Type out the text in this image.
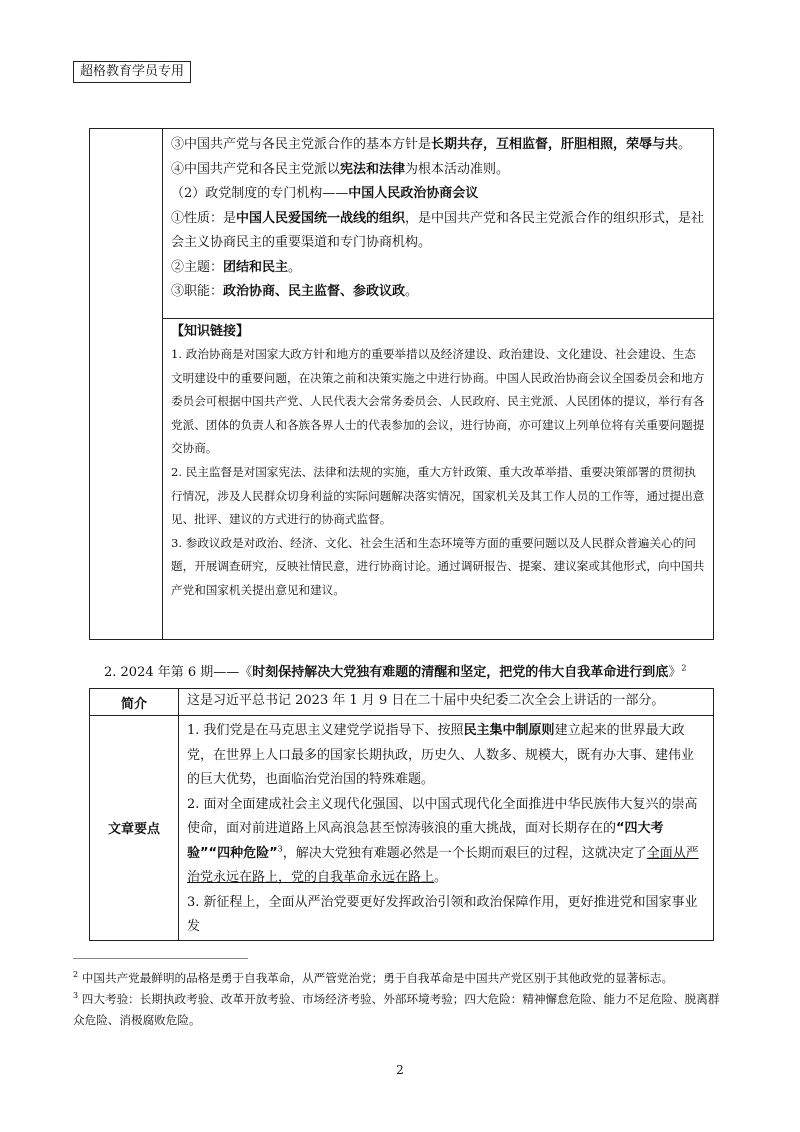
超格教育学员专用

③中国共产党与各民主党派合作的基本方针是长期共存，互相监督，肝胆相照，荣辱与共。

④中国共产党和各民主党派以宪法和法律为根本活动准则。

（2）政党制度的专门机构——中国人民政治协商会议

①性质：是中国人民爱国统一战线的组织，是中国共产党和各民主党派合作的组织形式，是社会主义协商民主的重要渠道和专门协商机构。

②主题：团结和民主。

③职能：政治协商、民主监督、参政议政。

【知识链接】

1. 政治协商是对国家大政方针和地方的重要举措以及经济建设、政治建设、文化建设、社会建设、生态文明建设中的重要问题，在决策之前和决策实施之中进行协商。中国人民政治协商会议全国委员会和地方委员会可根据中国共产党、人民代表大会常务委员会、人民政府、民主党派、人民团体的提议，举行有各党派、团体的负责人和各族各界人士的代表参加的会议，进行协商，亦可建议上列单位将有关重要问题提交协商。

2. 民主监督是对国家宪法、法律和法规的实施，重大方针政策、重大改革举措、重要决策部署的贯彻执行情况，涉及人民群众切身利益的实际问题解决落实情况，国家机关及其工作人员的工作等，通过提出意见、批评、建议的方式进行的协商式监督。

3. 参政议政是对政治、经济、文化、社会生活和生态环境等方面的重要问题以及人民群众普遍关心的问题，开展调查研究，反映社情民意，进行协商讨论。通过调研报告、提案、建议案或其他形式，向中国共产党和国家机关提出意见和建议。

2. 2024 年第 6 期——《时刻保持解决大党独有难题的清醒和坚定，把党的伟大自我革命进行到底》$^2$
简介	这是习近平总书记 2023 年 1 月 9 日在二十届中央纪委二次全会上讲话的一部分。
文章要点	1. 我们党是在马克思主义建党学说指导下、按照民主集中制原则建立起来的世界最大政党，在世界上人口最多的国家长期执政，历史久、人数多、规模大，既有办大事、建伟业的巨大优势，也面临治党治国的特殊难题。

2. 面对全面建成社会主义现代化强国、以中国式现代化全面推进中华民族伟大复兴的崇高使命，面对前进道路上风高浪急甚至惊涛骇浪的重大挑战，面对长期存在的“四大考验”“四种危险”$^3$，解决大党独有难题必然是一个长期而艰巨的过程，这就决定了全面从严治党永远在路上，党的自我革命永远在路上。

3. 新征程上，全面从严治党要更好发挥政治引领和政治保障作用，更好推进党和国家事业发

$^2$ 中国共产党最鲜明的品格是勇于自我革命，从严管党治党；勇于自我革命是中国共产党区别于其他政党的显著标志。

$^3$ 四大考验：长期执政考验、改革开放考验、市场经济考验、外部环境考验；四大危险：精神懈怠危险、能力不足危险、脱离群众危险、消极腐败危险。

2
